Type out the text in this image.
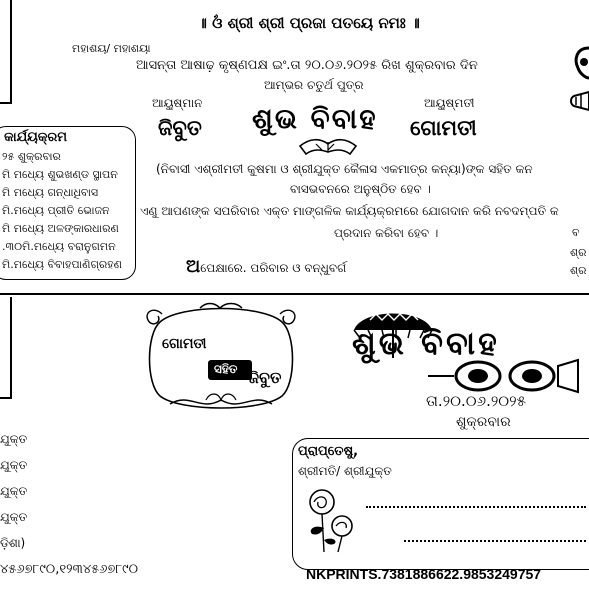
॥ ଓଁ ଶ୍ରୀ ଶ୍ରୀ ପ୍ରଜା ପତୟେ ନମଃ ॥
ମହାଶୟ/ ମହାଶୟା
ଆସନ୍ତା ଆଷାଢ଼ କୃଷ୍ଣପକ୍ଷ ଇଂ.ତା ୨୦.୦୬.୨୦୨୫ ରିଖ ଶୁକ୍ରବାର ଦିନ
ଆମ୍ଭର ଚତୁର୍ଥ ପୁତ୍ର
ଆୟୁଷ୍ମାନ
ଜିବୁତ ଶୁଭ ବିବାହ	ଆୟୁଷ୍ମତୀ
ଗୋମତୀ
କାର୍ଯ୍ୟକ୍ରମ
୨୫ ଶୁକ୍ରବାର
ମି ମଧ୍ୟେ ଶୁଭଖଣ୍ଡ ସ୍ଥାପନ
ମି ମଧ୍ୟେ ଗନ୍ଧାଧିବାସ
ମି.ମଧ୍ୟେ ପ୍ରୀତି ଭୋଜନ
ମି ମଧ୍ୟେ ଅଳଙ୍କାରଧାରଣ
.୩୦ମି.ମଧ୍ୟେ ବରାନୁଗମନ
ମି.ମଧ୍ୟେ ବିବାହପାଣିଗ୍ରହଣ
(ନିବାସୀ ଏଶ୍ରୀମତୀ କୁଷମା ଓ ଶ୍ରୀଯୁକ୍ତ କୈଳାସ ଏକମାତ୍ର କନ୍ୟା)ଙ୍କ ସହିତ କନ
ବାସଭବନରେ ଅନୁଷ୍ଠିତ ହେବ ।
ଏଣୁ ଆପଣଙ୍କ ସପରିବାର ଏକ୍ତ ମାଙ୍ଗଳିକ କାର୍ଯ୍ୟକ୍ରମରେ ଯୋଗଦାନ କରି ନବଦମ୍ପତି କ
ପ୍ରଦାନ କରିବା ହେବ ।
ଅପେକ୍ଷାରେ. ପରିବାର ଓ ବନ୍ଧୁବର୍ଗ
ବ
ଶ୍ର
ଶ୍ର
ଯୁକ୍ତ
ଯୁକ୍ତ
ଯୁକ୍ତ
ଯୁକ୍ତ
ଡ଼ିଶା)
୪୫୬୭୮୯୦,୧୨୩୪୫୬୭୮୯୦
ଗୋମତୀ
ସହିତ ଜିବୁତ
ଶୁଭ ବିବାହ
ତା.୨୦.୦୬.୨୦୨୫
ଶୁକ୍ରବାର
ପ୍ରାପ୍ତେଷୁ,
ଶ୍ରୀମତି/ ଶ୍ରୀଯୁକ୍ତ
NKPRINTS.7381886622.9853249757
